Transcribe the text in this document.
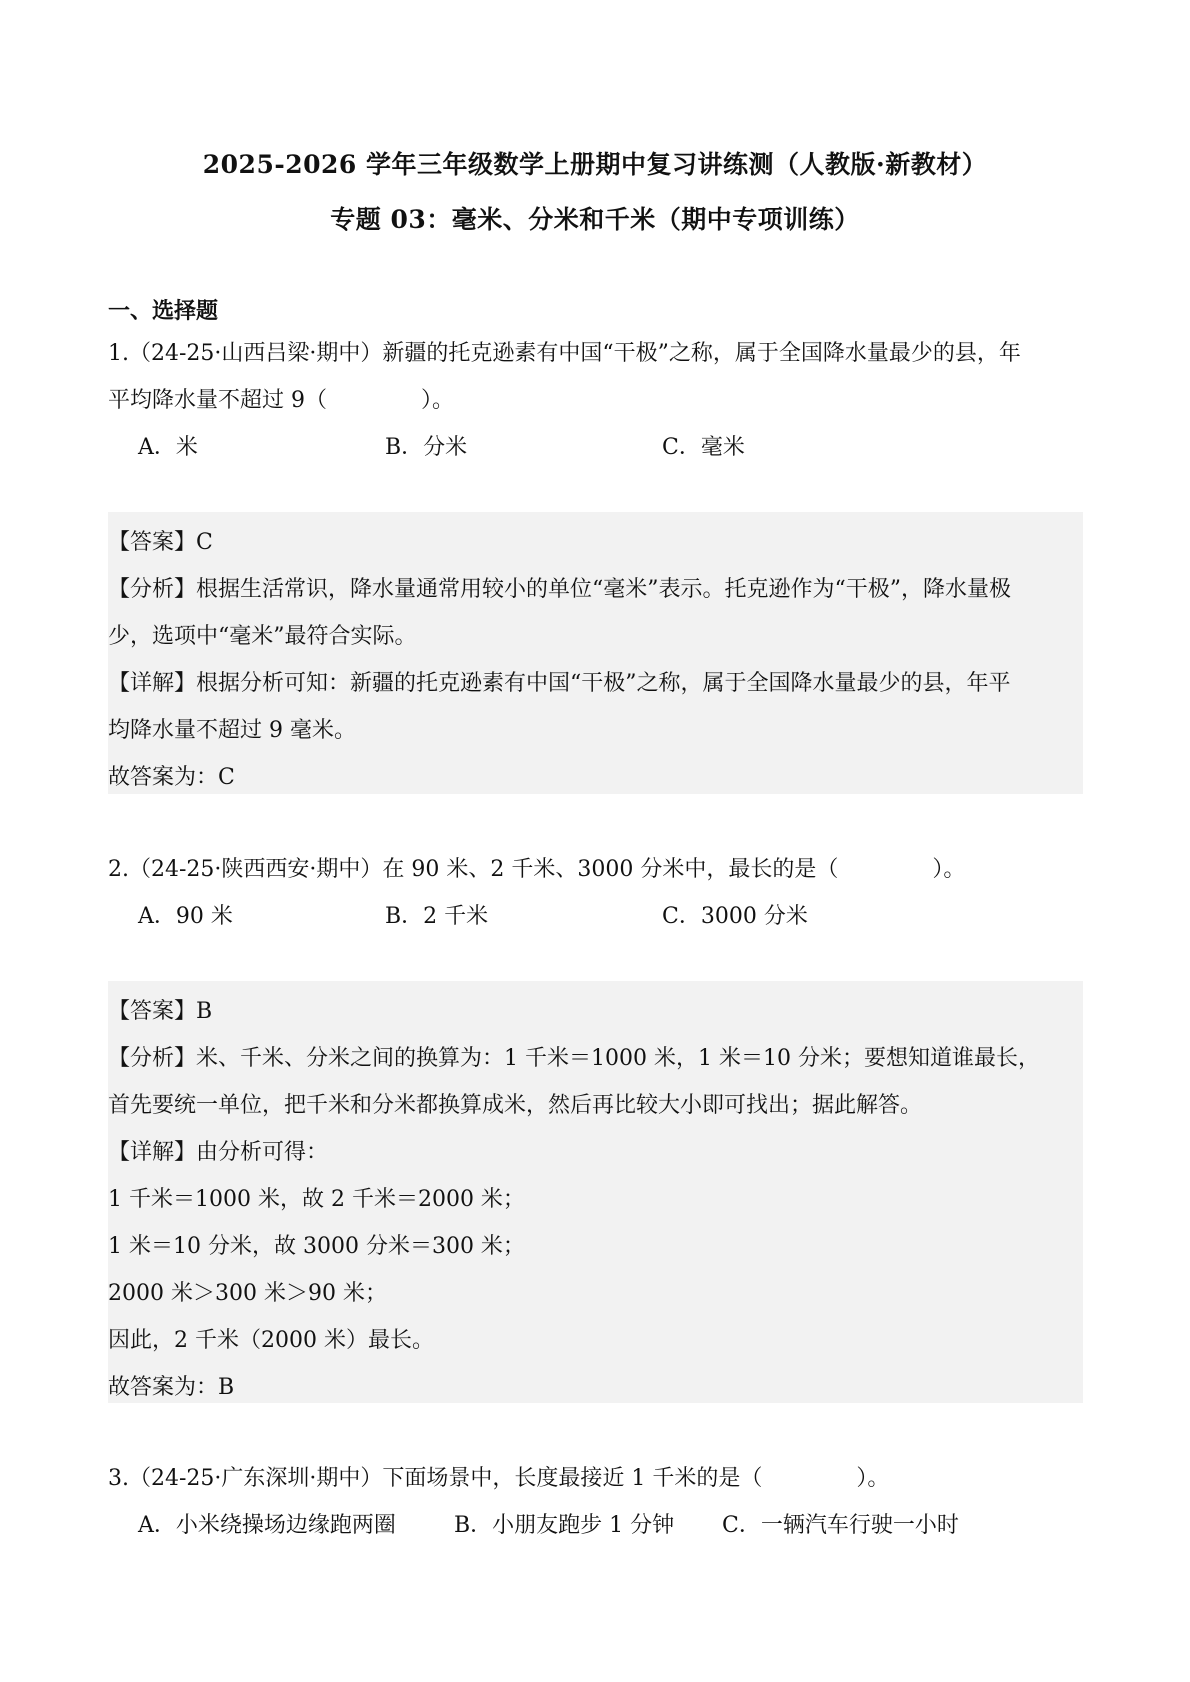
2025-2026 学年三年级数学上册期中复习讲练测（人教版·新教材）
专题 03：毫米、分米和千米（期中专项训练）
一、选择题
1.（24-25·山西吕梁·期中）新疆的托克逊素有中国“干极”之称，属于全国降水量最少的县，年
平均降水量不超过 9（	）。
A．米	B．分米	C．毫米
【答案】C
【分析】根据生活常识，降水量通常用较小的单位“毫米”表示。托克逊作为“干极”，降水量极
少，选项中“毫米”最符合实际。
【详解】根据分析可知：新疆的托克逊素有中国“干极”之称，属于全国降水量最少的县，年平
均降水量不超过 9 毫米。
故答案为：C
2.（24-25·陕西西安·期中）在 90 米、2 千米、3000 分米中，最长的是（	）。
A．90 米	B．2 千米	C．3000 分米
【答案】B
【分析】米、千米、分米之间的换算为：1 千米＝1000 米，1 米＝10 分米；要想知道谁最长，
首先要统一单位，把千米和分米都换算成米，然后再比较大小即可找出；据此解答。
【详解】由分析可得：
1 千米＝1000 米，故 2 千米＝2000 米；
1 米＝10 分米，故 3000 分米＝300 米；
2000 米＞300 米＞90 米；
因此，2 千米（2000 米）最长。
故答案为：B
3.（24-25·广东深圳·期中）下面场景中，长度最接近 1 千米的是（	）。
A．小米绕操场边缘跑两圈	B．小朋友跑步 1 分钟 C．一辆汽车行驶一小时
